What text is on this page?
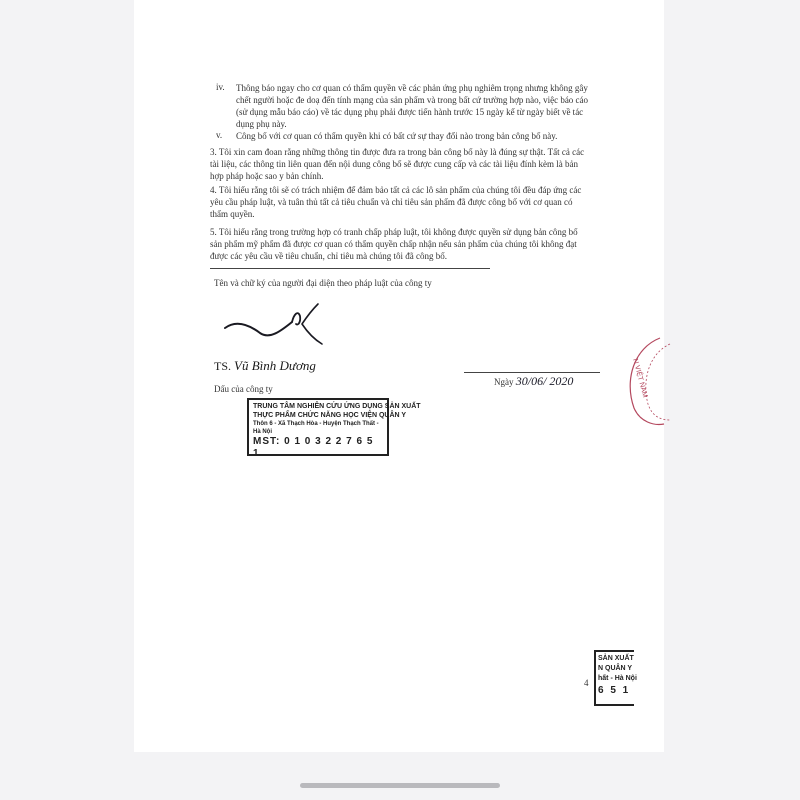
iv. Thông báo ngay cho cơ quan có thẩm quyền về các phản ứng phụ nghiêm trọng nhưng không gây
chết người hoặc đe doạ đến tính mạng của sản phẩm và trong bất cứ trường hợp nào, việc báo cáo
(sử dụng mẫu báo cáo) về tác dụng phụ phải được tiến hành trước 15 ngày kể từ ngày biết về tác
dụng phụ này.
v. Công bố với cơ quan có thẩm quyền khi có bất cứ sự thay đổi nào trong bản công bố này.
3. Tôi xin cam đoan rằng những thông tin được đưa ra trong bản công bố này là đúng sự thật. Tất cả các
tài liệu, các thông tin liên quan đến nội dung công bố sẽ được cung cấp và các tài liệu đính kèm là bản
hợp pháp hoặc sao y bản chính.
4. Tôi hiểu rằng tôi sẽ có trách nhiệm để đảm bảo tất cả các lô sản phẩm của chúng tôi đều đáp ứng các
yêu cầu pháp luật, và tuân thủ tất cả tiêu chuẩn và chỉ tiêu sản phẩm đã được công bố với cơ quan có
thẩm quyền.
5. Tôi hiểu rằng trong trường hợp có tranh chấp pháp luật, tôi không được quyền sử dụng bản công bố
sản phẩm mỹ phẩm đã được cơ quan có thẩm quyền chấp nhận nếu sản phẩm của chúng tôi không đạt
được các yêu cầu về tiêu chuẩn, chỉ tiêu mà chúng tôi đã công bố.
Tên và chữ ký của người đại diện theo pháp luật của công ty
TS. Vũ Bình Dương
Dấu của công ty
Ngày 30/06/ 2020
TRUNG TÂM NGHIÊN CỨU ỨNG DỤNG SẢN XUẤT
THỰC PHẨM CHỨC NĂNG HỌC VIỆN QUÂN Y
Thôn 6 - Xã Thạch Hòa - Huyện Thạch Thất - Hà Nội
MST: 0 1 0 3 2 2 7 6 5 1
N VIỆT NAM
4
SẢN XUẤT
N QUÂN Y
hất - Hà Nội
6 5 1
